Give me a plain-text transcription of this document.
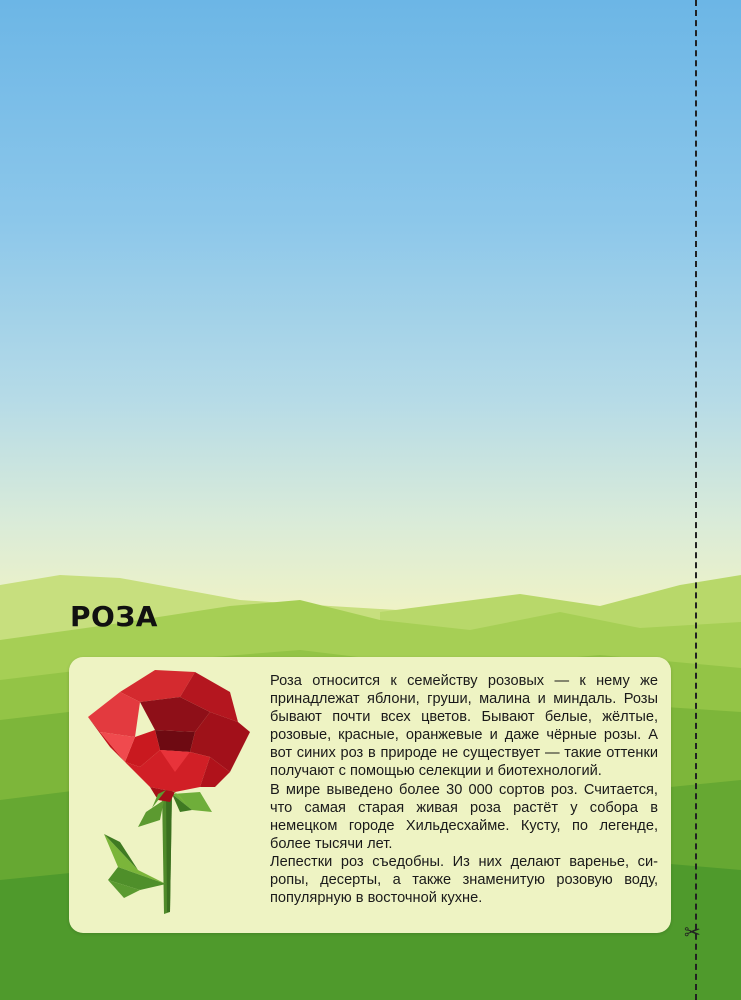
✂
РОЗА

Роза относится к семейству розовых — к нему же принадлежат яблони, груши, малина и миндаль. Розы бывают почти всех цветов. Бывают белые, жёлтые, розовые, красные, оранжевые и даже чёрные розы. А вот синих роз в природе не существует — такие оттенки получают с помощью селекции и биотехнологий.

В мире выведено более 30 000 сортов роз. Считается, что самая старая живая роза растёт у собора в немецком городе Хильдесхайме. Кусту, по легенде, более тысячи лет.

Лепестки роз съедобны. Из них делают варенье, сиропы, десерты, а также знаменитую розовую воду, популярную в восточной кухне.
